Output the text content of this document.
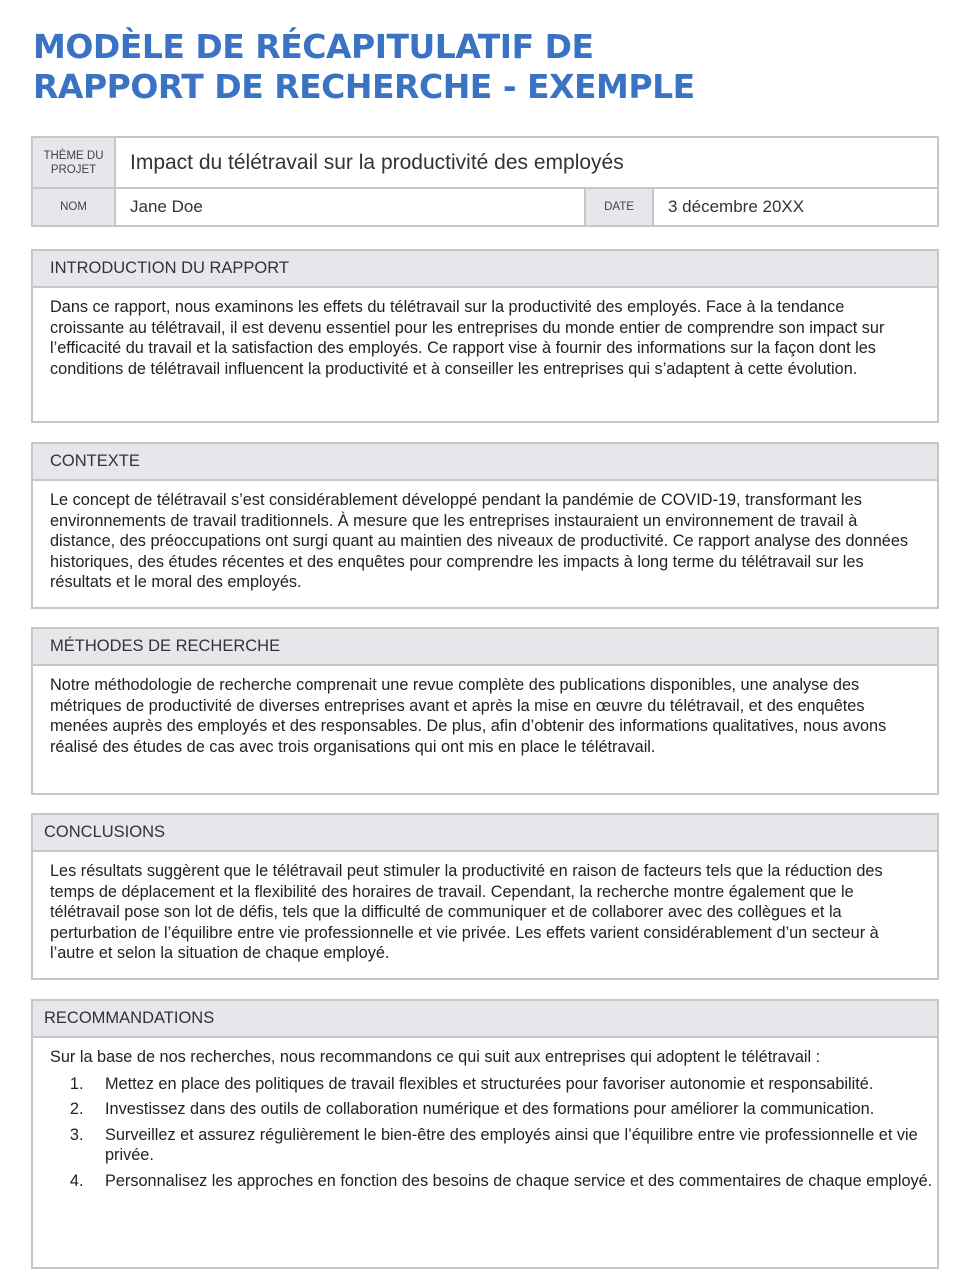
MODÈLE DE RÉCAPITULATIF DE
RAPPORT DE RECHERCHE - EXEMPLE
THÈME DU
PROJET	Impact du télétravail sur la productivité des employés
NOM	Jane Doe	DATE	3 décembre 20XX
INTRODUCTION DU RAPPORT
Dans ce rapport, nous examinons les effets du télétravail sur la productivité des employés. Face à la tendance croissante au télétravail, il est devenu essentiel pour les entreprises du monde entier de comprendre son impact sur l’efficacité du travail et la satisfaction des employés. Ce rapport vise à fournir des informations sur la façon dont les conditions de télétravail influencent la productivité et à conseiller les entreprises qui s’adaptent à cette évolution.
CONTEXTE
Le concept de télétravail s’est considérablement développé pendant la pandémie de COVID-19, transformant les environnements de travail traditionnels. À mesure que les entreprises instauraient un environnement de travail à distance, des préoccupations ont surgi quant au maintien des niveaux de productivité. Ce rapport analyse des données historiques, des études récentes et des enquêtes pour comprendre les impacts à long terme du télétravail sur les résultats et le moral des employés.
MÉTHODES DE RECHERCHE
Notre méthodologie de recherche comprenait une revue complète des publications disponibles, une analyse des métriques de productivité de diverses entreprises avant et après la mise en œuvre du télétravail, et des enquêtes menées auprès des employés et des responsables. De plus, afin d’obtenir des informations qualitatives, nous avons réalisé des études de cas avec trois organisations qui ont mis en place le télétravail.
CONCLUSIONS
Les résultats suggèrent que le télétravail peut stimuler la productivité en raison de facteurs tels que la réduction des temps de déplacement et la flexibilité des horaires de travail. Cependant, la recherche montre également que le télétravail pose son lot de défis, tels que la difficulté de communiquer et de collaborer avec des collègues et la perturbation de l’équilibre entre vie professionnelle et vie privée. Les effets varient considérablement d’un secteur à l’autre et selon la situation de chaque employé.
RECOMMANDATIONS
Sur la base de nos recherches, nous recommandons ce qui suit aux entreprises qui adoptent le télétravail :
1. Mettez en place des politiques de travail flexibles et structurées pour favoriser autonomie et responsabilité.
2. Investissez dans des outils de collaboration numérique et des formations pour améliorer la communication.
3. Surveillez et assurez régulièrement le bien-être des employés ainsi que l’équilibre entre vie professionnelle et vie privée.
4. Personnalisez les approches en fonction des besoins de chaque service et des commentaires de chaque employé.
